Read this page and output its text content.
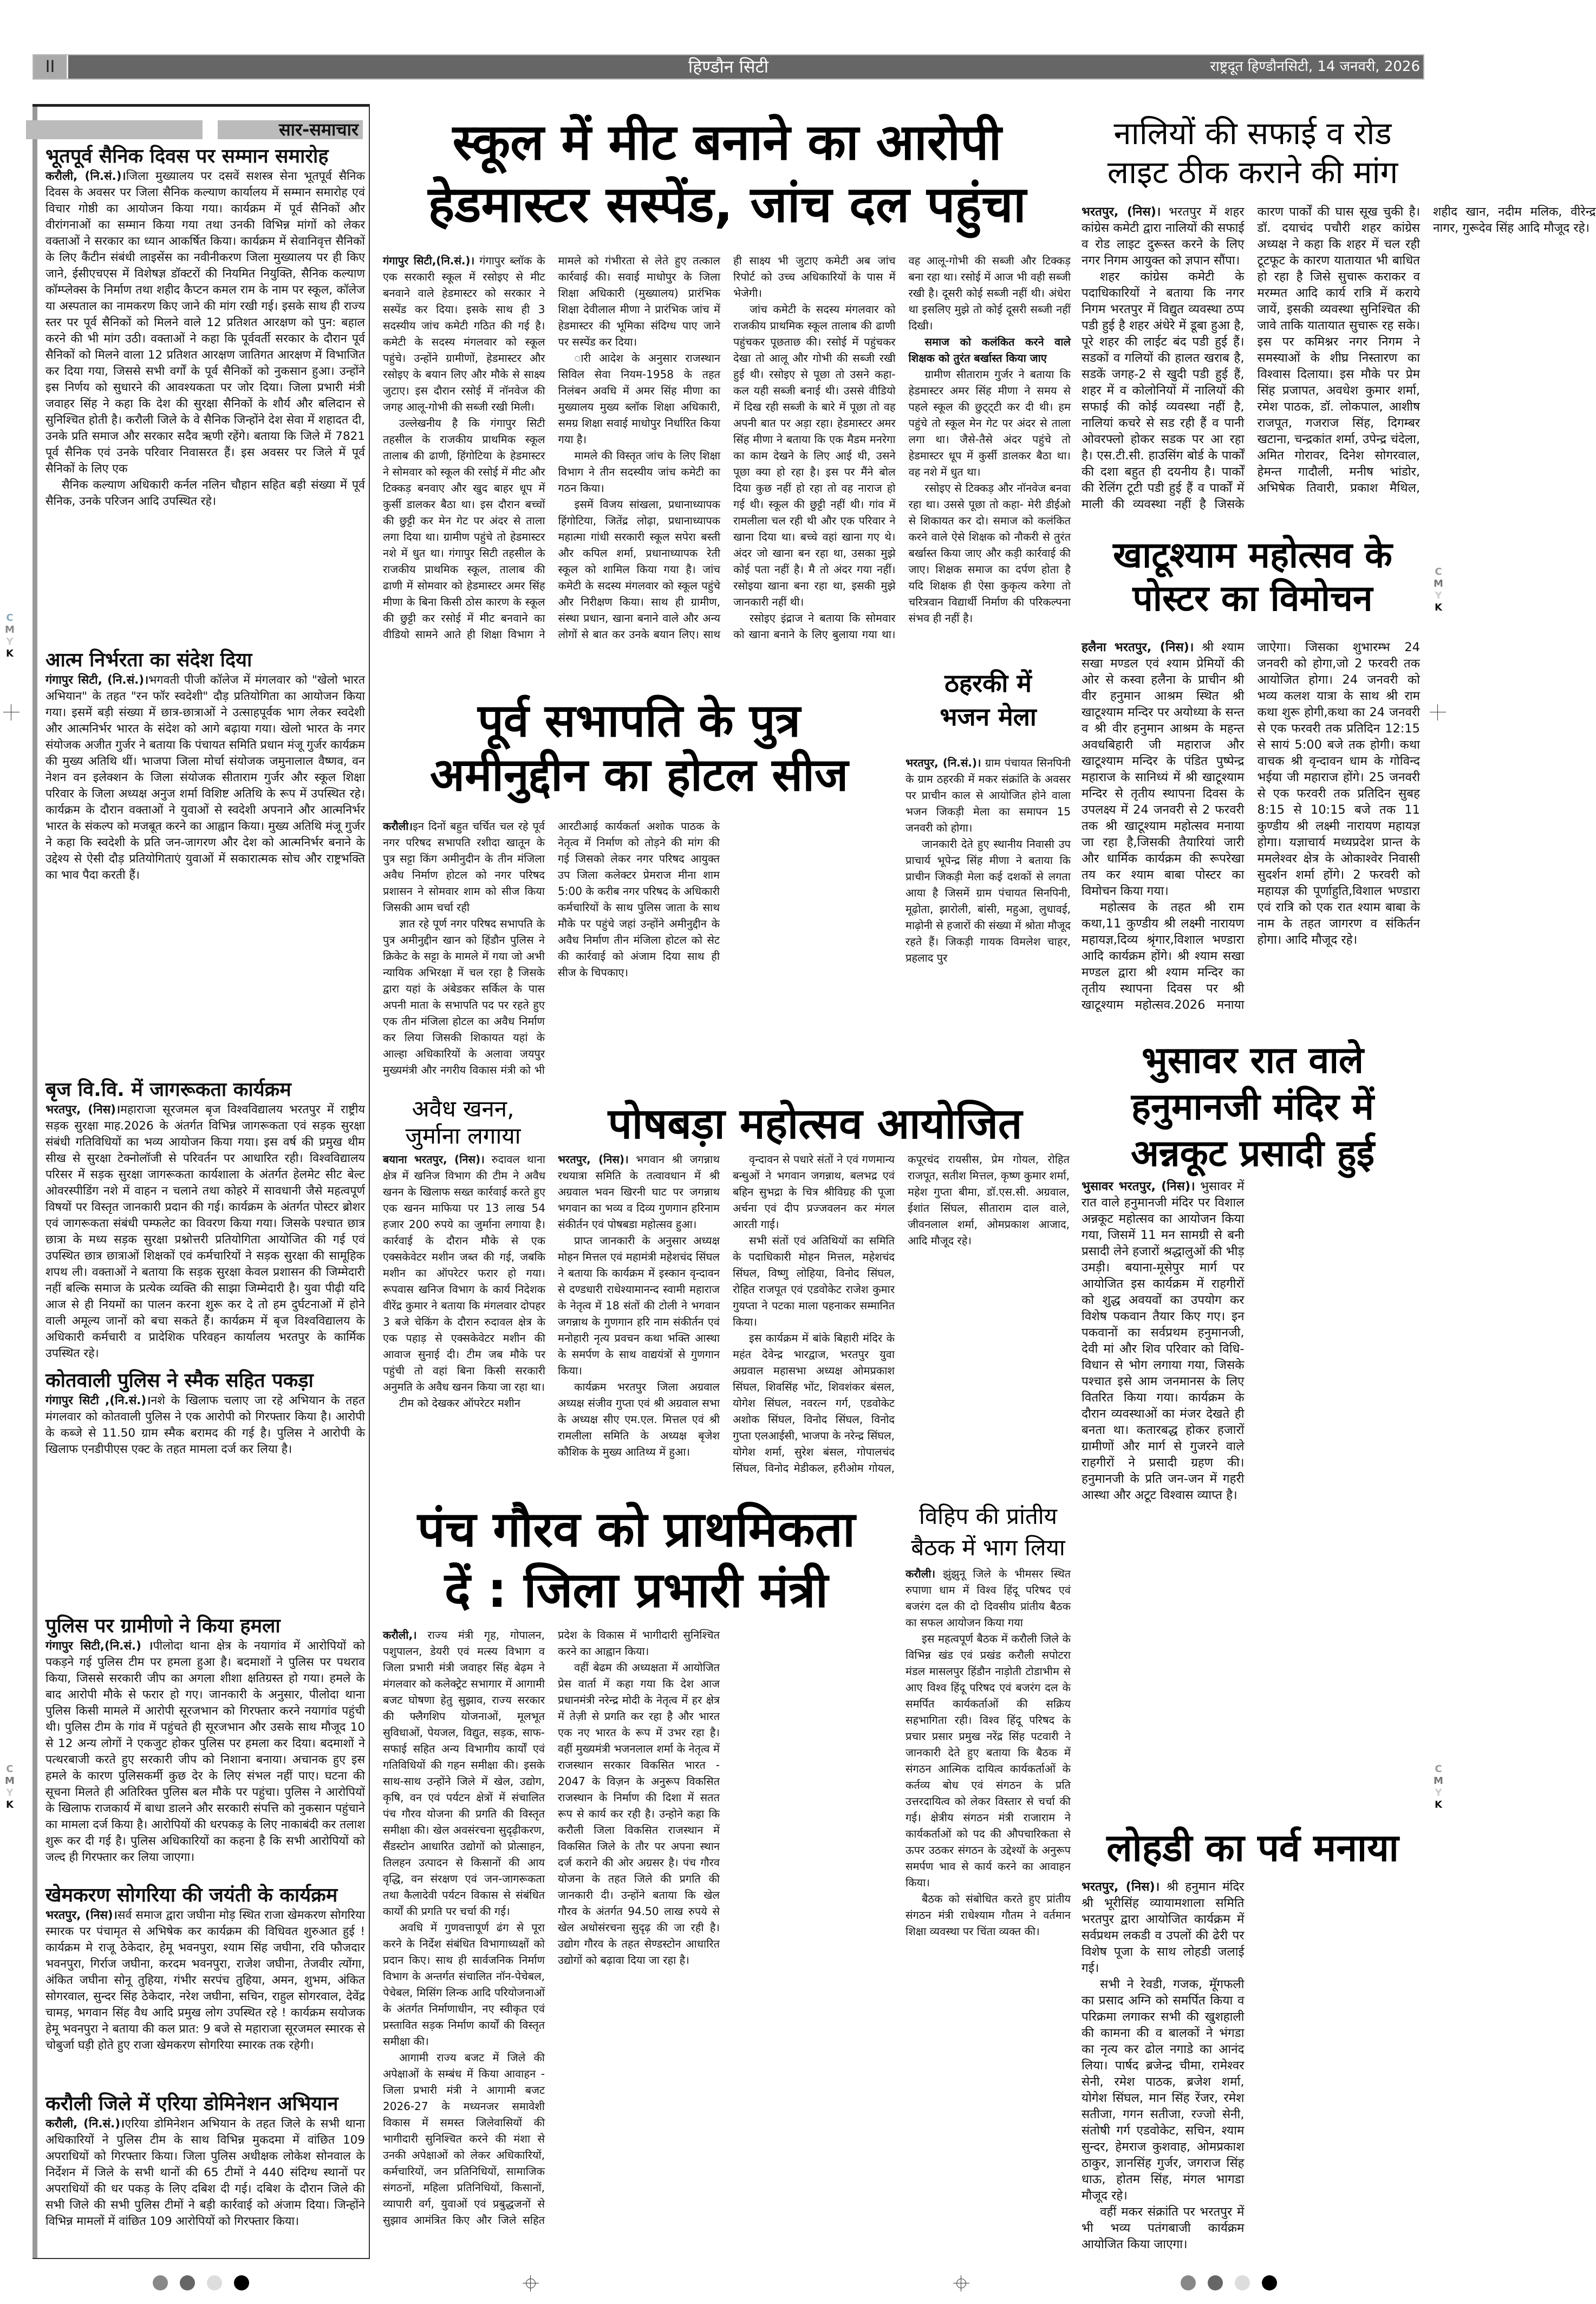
II	हिण्डौन सिटी	राष्ट्रदूत हिण्डौनसिटी, 14 जनवरी, 2026
सार-समाचार
भूतपूर्व सैनिक दिवस पर सम्मान समारोह

करौली, (नि.सं.)।जिला मुख्यालय पर दसवें सशस्त्र सेना भूतपूर्व सैनिक दिवस के अवसर पर जिला सैनिक कल्याण कार्यालय में सम्मान समारोह एवं विचार गोष्ठी का आयोजन किया गया। कार्यक्रम में पूर्व सैनिकों और वीरांगनाओं का सम्मान किया गया तथा उनकी विभिन्न मांगों को लेकर वक्ताओं ने सरकार का ध्यान आकर्षित किया। कार्यक्रम में सेवानिवृत्त सैनिकों के लिए कैंटीन संबंधी लाइसेंस का नवीनीकरण जिला मुख्यालय पर ही किए जाने, ईसीएचएस में विशेषज्ञ डॉक्टरों की नियमित नियुक्ति, सैनिक कल्याण कॉम्प्लेक्स के निर्माण तथा शहीद कैप्टन कमल राम के नाम पर स्कूल, कॉलेज या अस्पताल का नामकरण किए जाने की मांग रखी गई। इसके साथ ही राज्य स्तर पर पूर्व सैनिकों को मिलने वाले 12 प्रतिशत आरक्षण को पुन: बहाल करने की भी मांग उठी। वक्ताओं ने कहा कि पूर्ववर्ती सरकार के दौरान पूर्व सैनिकों को मिलने वाला 12 प्रतिशत आरक्षण जातिगत आरक्षण में विभाजित कर दिया गया, जिससे सभी वर्गों के पूर्व सैनिकों को नुकसान हुआ। उन्होंने इस निर्णय को सुधारने की आवश्यकता पर जोर दिया। जिला प्रभारी मंत्री जवाहर सिंह ने कहा कि देश की सुरक्षा सैनिकों के शौर्य और बलिदान से सुनिश्चित होती है। करौली जिले के वे सैनिक जिन्होंने देश सेवा में शहादत दी, उनके प्रति समाज और सरकार सदैव ऋणी रहेंगे। बताया कि जिले में 7821 पूर्व सैनिक एवं उनके परिवार निवासरत हैं। इस अवसर पर जिले में पूर्व सैनिकों के लिए एक

सैनिक कल्याण अधिकारी कर्नल नलिन चौहान सहित बड़ी संख्या में पूर्व सैनिक, उनके परिजन आदि उपस्थित रहे।

आत्म निर्भरता का संदेश दिया

गंगापुर सिटी, (नि.सं.)।भगवती पीजी कॉलेज में मंगलवार को "खेलो भारत अभियान" के तहत "रन फॉर स्वदेशी" दौड़ प्रतियोगिता का आयोजन किया गया। इसमें बड़ी संख्या में छात्र-छात्राओं ने उत्साहपूर्वक भाग लेकर स्वदेशी और आत्मनिर्भर भारत के संदेश को आगे बढ़ाया गया। खेलो भारत के नगर संयोजक अजीत गुर्जर ने बताया कि पंचायत समिति प्रधान मंजू गुर्जर कार्यक्रम की मुख्य अतिथि थीं। भाजपा जिला मोर्चा संयोजक जमुनालाल वैष्णव, वन नेशन वन इलेक्शन के जिला संयोजक सीताराम गुर्जर और स्कूल शिक्षा परिवार के जिला अध्यक्ष अनुज शर्मा विशिष्ट अतिथि के रूप में उपस्थित रहे। कार्यक्रम के दौरान वक्ताओं ने युवाओं से स्वदेशी अपनाने और आत्मनिर्भर भारत के संकल्प को मजबूत करने का आह्वान किया। मुख्य अतिथि मंजू गुर्जर ने कहा कि स्वदेशी के प्रति जन-जागरण और देश को आत्मनिर्भर बनाने के उद्देश्य से ऐसी दौड़ प्रतियोगिताएं युवाओं में सकारात्मक सोच और राष्ट्रभक्ति का भाव पैदा करती हैं।

बृज वि.वि. में जागरूकता कार्यक्रम

भरतपुर, (निस)।महाराजा सूरजमल बृज विश्वविद्यालय भरतपुर में राष्ट्रीय सड़क सुरक्षा माह.2026 के अंतर्गत विभिन्न जागरूकता एवं सड़क सुरक्षा संबंधी गतिविधियों का भव्य आयोजन किया गया। इस वर्ष की प्रमुख थीम सीख से सुरक्षा टेक्नोलॉजी से परिवर्तन पर आधारित रही। विश्वविद्यालय परिसर में सड़क सुरक्षा जागरूकता कार्यशाला के अंतर्गत हेलमेट सीट बेल्ट ओवरस्पीडिंग नशे में वाहन न चलाने तथा कोहरे में सावधानी जैसे महत्वपूर्ण विषयों पर विस्तृत जानकारी प्रदान की गई। कार्यक्रम के अंतर्गत पोस्टर ब्रोशर एवं जागरूकता संबंधी पम्फलेट का विवरण किया गया। जिसके पश्चात छात्र छात्रा के मध्य सड़क सुरक्षा प्रश्नोत्तरी प्रतियोगिता आयोजित की गई एवं उपस्थित छात्र छात्राओं शिक्षकों एवं कर्मचारियों ने सड़क सुरक्षा की सामूहिक शपथ ली। वक्ताओं ने बताया कि सड़क सुरक्षा केवल प्रशासन की जिम्मेदारी नहीं बल्कि समाज के प्रत्येक व्यक्ति की साझा जिम्मेदारी है। युवा पीढ़ी यदि आज से ही नियमों का पालन करना शुरू कर दे तो हम दुर्घटनाओं में होने वाली अमूल्य जानों को बचा सकते हैं। कार्यक्रम में बृज विश्वविद्यालय के अधिकारी कर्मचारी व प्रादेशिक परिवहन कार्यालय भरतपुर के कार्मिक उपस्थित रहे।

कोतवाली पुलिस ने स्मैक सहित पकड़ा

गंगापुर सिटी ,(नि.सं.)।नशे के खिलाफ चलाए जा रहे अभियान के तहत मंगलवार को कोतवाली पुलिस ने एक आरोपी को गिरफ्तार किया है। आरोपी के कब्जे से 11.50 ग्राम स्मैक बरामद की गई है। पुलिस ने आरोपी के खिलाफ एनडीपीएस एक्ट के तहत मामला दर्ज कर लिया है।

पुलिस पर ग्रामीणो ने किया हमला

गंगापुर सिटी,(नि.सं.) ।पीलोदा थाना क्षेत्र के नयागांव में आरोपियों को पकड़ने गई पुलिस टीम पर हमला हुआ है। बदमाशों ने पुलिस पर पथराव किया, जिससे सरकारी जीप का अगला शीशा क्षतिग्रस्त हो गया। हमले के बाद आरोपी मौके से फरार हो गए। जानकारी के अनुसार, पीलोदा थाना पुलिस किसी मामले में आरोपी सूरजभान को गिरफ्तार करने नयागांव पहुंची थी। पुलिस टीम के गांव में पहुंचते ही सूरजभान और उसके साथ मौजूद 10 से 12 अन्य लोगों ने एकजुट होकर पुलिस पर हमला कर दिया। बदमाशों ने पत्थरबाजी करते हुए सरकारी जीप को निशाना बनाया। अचानक हुए इस हमले के कारण पुलिसकर्मी कुछ देर के लिए संभल नहीं पाए। घटना की सूचना मिलते ही अतिरिक्त पुलिस बल मौके पर पहुंचा। पुलिस ने आरोपियों के खिलाफ राजकार्य में बाधा डालने और सरकारी संपत्ति को नुकसान पहुंचाने का मामला दर्ज किया है। आरोपियों की धरपकड़ के लिए नाकाबंदी कर तलाश शुरू कर दी गई है। पुलिस अधिकारियों का कहना है कि सभी आरोपियों को जल्द ही गिरफ्तार कर लिया जाएगा।

खेमकरण सोगरिया की जयंती के कार्यक्रम

भरतपुर, (निस)।सर्व समाज द्वारा जघीना मोड़ स्थित राजा खेमकरण सोगरिया स्मारक पर पंचामृत से अभिषेक कर कार्यक्रम की विधिवत शुरुआत हुई ! कार्यक्रम मे राजू ठेकेदार, हेमू भवनपुरा, श्याम सिंह जघीना, रवि फौजदार भवनपुरा, गिर्राज जघीना, करदम भवनपुरा, राजेश जघीना, तेजवीर त्योंगा, अंकित जघीना सोनू तुहिया, गंभीर सरपंच तुहिया, अमन, शुभम, अंकित सोगरवाल, सुन्दर सिंह ठेकेदार, नरेश जघीना, सचिन, राहुल सोगरवाल, देवेंद्र चामड़, भगवान सिंह वैध आदि प्रमुख लोग उपस्थित रहे ! कार्यक्रम सयोजक हेमू भवनपुरा ने बताया की कल प्रात: 9 बजे से महाराजा सूरजमल स्मारक से चोबुर्जा घड़ी होते हुए राजा खेमकरण सोगरिया स्मारक तक रहेगी।

करौली जिले में एरिया डोमिनेशन अभियान

करौली, (नि.सं.)।एरिया डोमिनेशन अभियान के तहत जिले के सभी थाना अधिकारियों ने पुलिस टीम के साथ विभिन्न मुकदमा में वांछित 109 अपराधियों को गिरफ्तार किया। जिला पुलिस अधीक्षक लोकेश सोनवाल के निर्देशन में जिले के सभी थानों की 65 टीमों ने 440 संदिग्ध स्थानों पर अपराधियों की धर पकड़ के लिए दबिश दी गई। दबिश के दौरान जिले की सभी जिले की सभी पुलिस टीमों ने बड़ी कार्रवाई को अंजाम दिया। जिन्होंने विभिन्न मामलों में वांछित 109 आरोपियों को गिरफ्तार किया।

स्कूल में मीट बनाने का आरोपी
हेडमास्टर सस्पेंड, जांच दल पहुंचा

गंगापुर सिटी,(नि.सं.)। गंगापुर ब्लॉक के एक सरकारी स्कूल में रसोइए से मीट बनवाने वाले हेडमास्टर को सरकार ने सस्पेंड कर दिया। इसके साथ ही 3 सदस्यीय जांच कमेटी गठित की गई है। कमेटी के सदस्य मंगलवार को स्कूल पहुंचे। उन्होंने ग्रामीणों, हेडमास्टर और रसोइए के बयान लिए और मौके से साक्ष्य जुटाए। इस दौरान रसोई में नॉनवेज की जगह आलू-गोभी की सब्जी रखी मिली।

उल्लेखनीय है कि गंगापुर सिटी तहसील के राजकीय प्राथमिक स्कूल तालाब की ढाणी, हिंगोटिया के हेडमास्टर ने सोमवार को स्कूल की रसोई में मीट और टिक्कड़ बनवाए और खुद बाहर धूप में कुर्सी डालकर बैठा था। इस दौरान बच्चों की छुट्टी कर मेन गेट पर अंदर से ताला लगा दिया था। ग्रामीण पहुंचे तो हेडमास्टर नशे में धुत था। गंगापुर सिटी तहसील के राजकीय प्राथमिक स्कूल, तालाब की ढाणी में सोमवार को हेडमास्टर अमर सिंह मीणा के बिना किसी ठोस कारण के स्कूल की छुट्टी कर रसोई में मीट बनवाने का वीडियो सामने आते ही शिक्षा विभाग ने मामले को गंभीरता से लेते हुए तत्काल कार्रवाई की। सवाई माधोपुर के जिला शिक्षा अधिकारी (मुख्यालय) प्रारंभिक शिक्षा देवीलाल मीणा ने प्रारंभिक जांच में हेडमास्टर की भूमिका संदिग्ध पाए जाने पर सस्पेंड कर दिया।

ारी आदेश के अनुसार राजस्थान सिविल सेवा नियम-1958 के तहत निलंबन अवधि में अमर सिंह मीणा का मुख्यालय मुख्य ब्लॉक शिक्षा अधिकारी, समग्र शिक्षा सवाई माधोपुर निर्धारित किया गया है।

मामले की विस्तृत जांच के लिए शिक्षा विभाग ने तीन सदस्यीय जांच कमेटी का गठन किया।

इसमें विजय सांखला, प्रधानाध्यापक हिंगोटिया, जितेंद्र लोढ़ा, प्रधानाध्यापक महात्मा गांधी सरकारी स्कूल सपेरा बस्ती और कपिल शर्मा, प्रधानाध्यापक रेती स्कूल को शामिल किया गया है। जांच कमेटी के सदस्य मंगलवार को स्कूल पहुंचे और निरीक्षण किया। साथ ही ग्रामीण, संस्था प्रधान, खाना बनाने वाले और अन्य लोगों से बात कर उनके बयान लिए। साथ ही साक्ष्य भी जुटाए कमेटी अब जांच रिपोर्ट को उच्च अधिकारियों के पास में भेजेगी।

जांच कमेटी के सदस्य मंगलवार को राजकीय प्राथमिक स्कूल तालाब की ढाणी पहुंचकर पूछताछ की। रसोई में पहुंचकर देखा तो आलू और गोभी की सब्जी रखी हुई थी। रसोइए से पूछा तो उसने कहा- कल यही सब्जी बनाई थी। उससे वीडियो में दिख रही सब्जी के बारे में पूछा तो वह अपनी बात पर अड़ा रहा। हेडमास्टर अमर सिंह मीणा ने बताया कि एक मैडम मनरेगा का काम देखने के लिए आई थी, उसने पूछा क्या हो रहा है। इस पर मैंने बोल दिया कुछ नहीं हो रहा तो वह नाराज हो गई थी। स्कूल की छुट्टी नहीं थी। गांव में रामलीला चल रही थी और एक परिवार ने खाना दिया था। बच्चे वहां खाना गए थे। अंदर जो खाना बन रहा था, उसका मुझे कोई पता नहीं है। मै तो अंदर गया नहीं। रसोइया खाना बना रहा था, इसकी मुझे जानकारी नहीं थी।

रसोइए इंद्राज ने बताया कि सोमवार को खाना बनाने के लिए बुलाया गया था। वह आलू-गोभी की सब्जी और टिक्कड़ बना रहा था। रसोई में आज भी वही सब्जी रखी है। दूसरी कोई सब्जी नहीं थी। अंधेरा था इसलिए मुझे तो कोई दूसरी सब्जी नहीं दिखी।

समाज को कलंकित करने वाले शिक्षक को तुरंत बर्खास्त किया जाए

ग्रामीण सीताराम गुर्जर ने बताया कि हेडमास्टर अमर सिंह मीणा ने समय से पहले स्कूल की छुट्ट्टी कर दी थी। हम पहुंचे तो स्कूल मेन गेट पर अंदर से ताला लगा था। जैसे-तैसे अंदर पहुंचे तो हेडमास्टर धूप में कुर्सी डालकर बैठा था। वह नशे में धुत था।

रसोइए से टिक्कड़ और नॉनवेज बनवा रहा था। उससे पूछा तो कहा- मेरी डीईओ से शिकायत कर दो। समाज को कलंकित करने वाले ऐसे शिक्षक को नौकरी से तुरंत बर्खास्त किया जाए और कड़ी कार्रवाई की जाए। शिक्षक समाज का दर्पण होता है यदि शिक्षक ही ऐसा कुकृत्य करेगा तो चरित्रवान विद्यार्थी निर्माण की परिकल्पना संभव ही नहीं है।

नालियों की सफाई व रोड
लाइट ठीक कराने की मांग

भरतपुर, (निस)। भरतपुर में शहर कांग्रेस कमेटी द्वारा नालियों की सफाई व रोड लाइट दुरूस्त करने के लिए नगर निगम आयुक्त को ज्ञपान सौंपा।

शहर कांग्रेस कमेटी के पदाधिकारियों ने बताया कि नगर निगम भरतपुर में विद्युत व्यवस्था ठप्प पडी हुई है शहर अंधेरे में डूबा हुआ है, पूरे शहर की लाईट बंद पडी हुई हैं। सडकों व गलियों की हालत खराब है, सडकें जगह-2 से खुदी पडी हुई हैं, शहर में व कोलोनियों में नालियों की सफाई की कोई व्यवस्था नहीं है, नालियां कचरे से सड रही हैं व पानी ओवरफ्लो होकर सडक पर आ रहा है। एस.टी.सी. हाउसिंग बोर्ड के पार्कों की दशा बहुत ही दयनीय है। पार्कों की रेलिंग टूटी पडी हुई हैं व पार्कों में माली की व्यवस्था नहीं है जिसके कारण पार्कों की घास सूख चुकी है। डॉ. दयाचंद पचौरी शहर कांग्रेस अध्यक्ष ने कहा कि शहर में चल रही टूटफूट के कारण यातायात भी बाधित हो रहा है जिसे सुचारू कराकर व मरम्मत आदि कार्य रात्रि में कराये जायें, इसकी व्यवस्था सुनिश्चित की जावे ताकि यातायात सुचारू रह सके। इस पर कमिश्नर नगर निगम ने समस्याओं के शीघ्र निस्तारण का विश्वास दिलाया। इस मौके पर प्रेम सिंह प्रजापत, अवधेश कुमार शर्मा, रमेश पाठक, डॉ. लोकपाल, आशीष राजपूत, गजराज सिंह, दिगम्बर खटाना, चन्द्रकांत शर्मा, उपेन्द्र चंदेला, अमित गोरावर, दिनेश सोगरवाल, हेमन्त गादौली, मनीष भांडोर, अभिषेक तिवारी, प्रकाश मैथिल, शहीद खान, नदीम मलिक, वीरेन्द्र नागर, गुरूदेव सिंह आदि मौजूद रहे।

खाटूश्याम महोत्सव के
पोस्टर का विमोचन

हलैना भरतपुर, (निस)। श्री श्याम सखा मण्डल एवं श्याम प्रेमियों की ओर से कस्वा हलैना के प्राचीन श्री वीर हनुमान आश्रम स्थित श्री खाटूश्याम मन्दिर पर अयोध्या के सन्त व श्री वीर हनुमान आश्रम के महन्त अवधबिहारी जी महाराज और खाटूश्याम मन्दिर के पंडित पुष्पेन्द्र महाराज के सानिध्यं में श्री खाटूश्याम मन्दिर से तृतीय स्थापना दिवस के उपलक्ष्य में 24 जनवरी से 2 फरवरी तक श्री खाटूश्याम महोत्सव मनाया जा रहा है,जिसकी तैयारियां जारी और धार्मिक कार्यक्रम की रूपरेखा तय कर श्याम बाबा पोस्टर का विमोचन किया गया।

महोत्सव के तहत श्री राम कथा,11 कुण्डीय श्री लक्ष्मी नारायण महायज्ञ,दिव्य श्रृंगार,विशाल भण्डारा आदि कार्यक्रम होंगे। श्री श्याम सखा मण्डल द्वारा श्री श्याम मन्दिर का तृतीय स्थापना दिवस पर श्री खाटूश्याम महोत्सव.2026 मनाया जाऐगा। जिसका शुभारम्भ 24 जनवरी को होगा,जो 2 फरवरी तक आयोजित होगा। 24 जनवरी को भव्य कलश यात्रा के साथ श्री राम कथा शुरू होगी,कथा का 24 जनवरी से एक फरवरी तक प्रतिदिन 12:15 से सायं 5:00 बजे तक होगी। कथा वाचक श्री वृन्दावन धाम के गोविन्द भईया जी महाराज होंगे। 25 जनवरी से एक फरवरी तक प्रतिदिन सुबह 8:15 से 10:15 बजे तक 11 कुण्डीय श्री लक्ष्मी नारायण महायज्ञ होगा। यज्ञाचार्य मध्यप्रदेश प्रान्त के ममलेश्वर क्षेत्र के ओकाश्वेर निवासी सुदर्शन शर्मा होंगे। 2 फरवरी को महायज्ञ की पूर्णाहुति,विशाल भण्डारा एवं रात्रि को एक रात श्याम बाबा के नाम के तहत जागरण व संकिर्तन होगा। आदि मौजूद रहे।

पूर्व सभापति के पुत्र
अमीनुद्दीन का होटल सीज

करौली।इन दिनों बहुत चर्चित चल रहे पूर्व नगर परिषद सभापति रशीदा खातून के पुत्र सट्टा किंग अमीनुदीन के तीन मंजिला अवैध निर्माण होटल को नगर परिषद प्रशासन ने सोमवार शाम को सीज किया जिसकी आम चर्चा रही

ज्ञात रहे पूर्ण नगर परिषद सभापति के पुत्र अमीनुद्दीन खान को हिंडौन पुलिस ने क्रिकेट के सट्टा के मामले में गया जो अभी न्यायिक अभिरक्षा में चल रहा है जिसके द्वारा यहां के अंबेडकर सर्किल के पास अपनी माता के सभापति पद पर रहते हुए एक तीन मंजिला होटल का अवैध निर्माण कर लिया जिसकी शिकायत यहां के आल्हा अधिकारियों के अलावा जयपुर मुख्यमंत्री और नगरीय विकास मंत्री को भी आरटीआई कार्यकर्ता अशोक पाठक के नेतृत्व में निर्माण को तोड़ने की मांग की गई जिसको लेकर नगर परिषद आयुक्त उप जिला कलेक्टर प्रेमराज मीना शाम 5:00 के करीब नगर परिषद के अधिकारी कर्मचारियों के साथ पुलिस जाता के साथ मौके पर पहुंचे जहां उन्होंने अमीनुद्दीन के अवैध निर्माण तीन मंजिला होटल को सेट की कार्रवाई को अंजाम दिया साथ ही सीज के चिपकाए।

ठहरकी में
भजन मेला

भरतपुर, (नि.सं.)। ग्राम पंचायत सिनपिनी के ग्राम ठहरकी में मकर संक्रांति के अवसर पर प्राचीन काल से आयोजित होने वाला भजन जिकड़ी मेला का समापन 15 जनवरी को होगा।

जानकारी देते हुए स्थानीय निवासी उप प्राचार्य भूपेन्द्र सिंह मीणा ने बताया कि प्राचीन जिकड़ी मेला कई दशकों से लगता आया है जिसमें ग्राम पंचायत सिनपिनी, मूढ़ोता, झारोली, बांसी, महुआ, लुधावई, माढ़ोनी से हजारों की संख्या में श्रोता मौजूद रहते हैं। जिकड़ी गायक विमलेश चाहर, प्रहलाद पुर

अवैध खनन,
जुर्माना लगाया

बयाना भरतपुर, (निस)। रुदावल थाना क्षेत्र में खनिज विभाग की टीम ने अवैध खनन के खिलाफ सख्त कार्रवाई करते हुए एक खनन माफिया पर 13 लाख 54 हजार 200 रुपये का जुर्माना लगाया है। कार्रवाई के दौरान मौके से एक एक्सकेवेटर मशीन जब्त की गई, जबकि मशीन का ऑपरेटर फरार हो गया। रूपवास खनिज विभाग के कार्य निदेशक वीरेंद्र कुमार ने बताया कि मंगलवार दोपहर 3 बजे चेकिंग के दौरान रुदावल क्षेत्र के एक पहाड़ से एक्सकेवेटर मशीन की आवाज सुनाई दी। टीम जब मौके पर पहुंची तो वहां बिना किसी सरकारी अनुमति के अवैध खनन किया जा रहा था।

टीम को देखकर ऑपरेटर मशीन

पोषबड़ा महोत्सव आयोजित

भरतपुर, (निस)। भगवान श्री जगन्नाथ रथयात्रा समिति के तत्वावधान में श्री अग्रवाल भवन खिरनी घाट पर जगन्नाथ भगवान का भव्य व दिव्य गुणगान हरिनाम संकीर्तन एवं पोषबडा महोत्सव हुआ।

प्राप्त जानकारी के अनुसार अध्यक्ष मोहन मित्तल एवं महामंत्री महेशचंद सिंघल ने बताया कि कार्यक्रम में इस्कान वृन्दावन से दण्डधारी राधेश्यामानन्द स्वामी महाराज के नेतृत्व में 18 संतों की टोली ने भगवान जगन्नाथ के गुणगान हरि नाम संकीर्तन एवं मनोहारी नृत्य प्रवचन कथा भक्ति आस्था के समर्पण के साथ वाद्ययंत्रों से गुणगान किया।

कार्यक्रम भरतपुर जिला अग्रवाल अध्यक्ष संजीव गुप्ता एवं श्री अग्रवाल सभा के अध्यक्ष सीए एम.एल. मित्तल एवं श्री रामलीला समिति के अध्यक्ष बृजेश कौशिक के मुख्य आतिथ्य में हुआ।

वृन्दावन से पधारे संतों ने एवं गणमान्य बन्धुओं ने भगवान जगन्नाथ, बलभद्र एवं बहिन सुभद्रा के चित्र श्रीविग्रह की पूजा अर्चना एवं दीप प्रज्जवलन कर मंगल आरती गाई।

सभी संतों एवं अतिथियों का समिति के पदाधिकारी मोहन मित्तल, महेशचंद सिंघल, विष्णु लोहिया, विनोद सिंघल, रोहित राजपूत एवं एडवोकेट राजेश कुमार गुयप्ता ने पटका माला पहनाकर सम्मानित किया।

इस कार्यक्रम में बांके बिहारी मंदिर के महंत देवेन्द्र भारद्वाज, भरतपुर युवा अग्रवाल महासभा अध्यक्ष ओमप्रकाश सिंघल, शिवसिंह भोंट, शिवशंकर बंसल, योगेश सिंघल, नवरत्न गर्ग, एडवोकेट अशोक सिंघल, विनोद सिंघल, विनोद गुप्ता एलआईसी, भाजपा के नरेन्द्र सिंघल, योगेश शर्मा, सुरेश बंसल, गोपालचंद सिंघल, विनोद मेडीकल, हरीओम गोयल, कपूरचंद रायसीस, प्रेम गोयल, रोहित राजपूत, सतीश मित्तल, कृष्ण कुमार शर्मा, महेश गुप्ता बीमा, डॉ.एस.सी. अग्रवाल, ईशांत सिंघल, सीताराम दाल वाले, जीवनलाल शर्मा, ओमप्रकाश आजाद, आदि मौजूद रहे।

भुसावर रात वाले
हनुमानजी मंदिर में
अन्नकूट प्रसादी हुई

भुसावर भरतपुर, (निस)। भुसावर में रात वाले हनुमानजी मंदिर पर विशाल अन्नकूट महोत्सव का आयोजन किया गया, जिसमें 11 मन सामग्री से बनी प्रसादी लेने हजारों श्रद्धालुओं की भीड़ उमड़ी। बयाना-मूसेपुर मार्ग पर आयोजित इस कार्यक्रम में राहगीरों को शुद्ध अवयवों का उपयोग कर विशेष पकवान तैयार किए गए। इन पकवानों का सर्वप्रथम हनुमानजी, देवी मां और शिव परिवार को विधि-विधान से भोग लगाया गया, जिसके पश्चात इसे आम जनमानस के लिए वितरित किया गया। कार्यक्रम के दौरान व्यवस्थाओं का मंजर देखते ही बनता था। कतारबद्ध होकर हजारों ग्रामीणों और मार्ग से गुजरने वाले राहगीरों ने प्रसादी ग्रहण की। हनुमानजी के प्रति जन-जन में गहरी आस्था और अटूट विश्वास व्याप्त है।

पंच गौरव को प्राथमिकता
दें : जिला प्रभारी मंत्री

करौली,। राज्य मंत्री गृह, गोपालन, पशुपालन, डेयरी एवं मत्स्य विभाग व जिला प्रभारी मंत्री जवाहर सिंह बेढ़म ने मंगलवार को कलेक्ट्रेट सभागार में आगामी बजट घोषणा हेतु सुझाव, राज्य सरकार की फ्लैगशिप योजनाओं, मूलभूत सुविधाओं, पेयजल, विद्युत, सड़क, साफ-सफाई सहित अन्य विभागीय कार्यों एवं गतिविधियों की गहन समीक्षा की। इसके साथ-साथ उन्होंने जिले में खेल, उद्योग, कृषि, वन एवं पर्यटन क्षेत्रों में संचालित पंच गौरव योजना की प्रगति की विस्तृत समीक्षा की। खेल अवसंरचना सुदृढ़ीकरण, सैंडस्टोन आधारित उद्योगों को प्रोत्साहन, तिलहन उत्पादन से किसानों की आय वृद्धि, वन संरक्षण एवं जन-जागरूकता तथा कैलादेवी पर्यटन विकास से संबंधित कार्यों की प्रगति पर चर्चा की गई।

अवधि में गुणवत्तापूर्ण ढंग से पूरा करने के निर्देश संबंधित विभागाध्यक्षों को प्रदान किए। साथ ही सार्वजनिक निर्माण विभाग के अन्तर्गत संचालित नॉन-पेचेबल, पेचेबल, मिसिंग लिन्क आदि परियोजनाओं के अंतर्गत निर्माणाधीन, नए स्वीकृत एवं प्रस्तावित सड़क निर्माण कार्यों की विस्तृत समीक्षा की।

आगामी राज्य बजट में जिले की अपेक्षाओं के सम्बंध में किया आवाहन - जिला प्रभारी मंत्री ने आगामी बजट 2026-27 के मध्यनजर समावेशी विकास में समस्त जिलेवासियों की भागीदारी सुनिश्चित करने की मंशा से उनकी अपेक्षाओं को लेकर अधिकारियों, कर्मचारियों, जन प्रतिनिधियों, सामाजिक संगठनों, महिला प्रतिनिधियों, किसानों, व्यापारी वर्ग, युवाओं एवं प्रबुद्धजनों से सुझाव आमंत्रित किए और जिले सहित प्रदेश के विकास में भागीदारी सुनिश्चित करने का आह्वान किया।

वहीं बेढम की अध्यक्षता में आयोजित प्रेस वार्ता में कहा गया कि देश आज प्रधानमंत्री नरेन्द्र मोदी के नेतृत्व में हर क्षेत्र में तेज़ी से प्रगति कर रहा है और भारत एक नए भारत के रूप में उभर रहा है। वहीं मुख्यमंत्री भजनलाल शर्मा के नेतृत्व में राजस्थान सरकार विकसित भारत - 2047 के विज़न के अनुरूप विकसित राजस्थान के निर्माण की दिशा में सतत रूप से कार्य कर रही है। उन्होने कहा कि करौली जिला विकसित राजस्थान में विकसित जिले के तौर पर अपना स्थान दर्ज कराने की ओर अग्रसर है। पंच गौरव योजना के तहत जिले की प्रगति की जानकारी दी। उन्होंने बताया कि खेल गौरव के अंतर्गत 94.50 लाख रुपये से खेल अधोसंरचना सुदृढ़ की जा रही है। उद्योग गौरव के तहत सेण्डस्टोन आधारित उद्योगों को बढ़ावा दिया जा रहा है।

विहिप की प्रांतीय
बैठक में भाग लिया

करौली। झुंझुनू जिले के भीमसर स्थित रुपाणा धाम में विश्व हिंदू परिषद एवं बजरंग दल की दो दिवसीय प्रांतीय बैठक का सफल आयोजन किया गया

इस महत्वपूर्ण बैठक में करौली जिले के विभिन्न खंड एवं प्रखंड करौली सपोटरा मंडल मासलपुर हिंडौन नाड़ोती टोडाभीम से आए विश्व हिंदू परिषद एवं बजरंग दल के समर्पित कार्यकर्ताओं की सक्रिय सहभागिता रही। विश्व हिंदू परिषद के प्रचार प्रसार प्रमुख नरेंद्र सिंह पटवारी ने जानकारी देते हुए बताया कि बैठक में संगठन आत्मिक दायित्व कार्यकर्ताओं के कर्तव्य बोध एवं संगठन के प्रति उत्तरदायित्व को लेकर विस्तार से चर्चा की गई। क्षेत्रीय संगठन मंत्री राजाराम ने कार्यकर्ताओं को पद की औपचारिकता से ऊपर उठकर संगठन के उद्देश्यों के अनुरूप समर्पण भाव से कार्य करने का आवाहन किया।

बैठक को संबोधित करते हुए प्रांतीय संगठन मंत्री राधेश्याम गौतम ने वर्तमान शिक्षा व्यवस्था पर चिंता व्यक्त की।

लोहडी का पर्व मनाया

भरतपुर, (निस)। श्री हनुमान मंदिर श्री भूरीसिंह व्यायामशाला समिति भरतपुर द्वारा आयोजित कार्यक्रम में सर्वप्रथम लकडी व उपलों की ढेरी पर विशेष पूजा के साथ लोहडी जलाई गई।

सभी ने रेवडी, गजक, मूॅगफली का प्रसाद अग्नि को समर्पित किया व परिक्रमा लगाकर सभी की खुशहाली की कामना की व बालकों ने भंगडा का नृत्य कर ढोल नगाडे का आनंद लिया। पार्षद ब्रजेन्द्र चीमा, रामेश्वर सेनी, रमेश पाठक, ब्रजेश शर्मा, योगेश सिंघल, मान सिंह रेंजर, रमेश सतीजा, गगन सतीजा, रज्जो सेनी, संतोषी गर्ग एडवोकेट, सचिन, श्याम सुन्दर, हेमराज कुशवाह, ओमप्रकाश ठाकुर, ज्ञानसिंह गुर्जर, जगराज सिंह धाऊ, होतम सिंह, मंगल भागडा मौजूद रहे।

वहीं मकर संक्रांति पर भरतपुर में भी भव्य पतंगबाजी कार्यक्रम आयोजित किया जाएगा।

C
M
Y
K
C
M
Y
K
C
M
Y
K
C
M
Y
K
